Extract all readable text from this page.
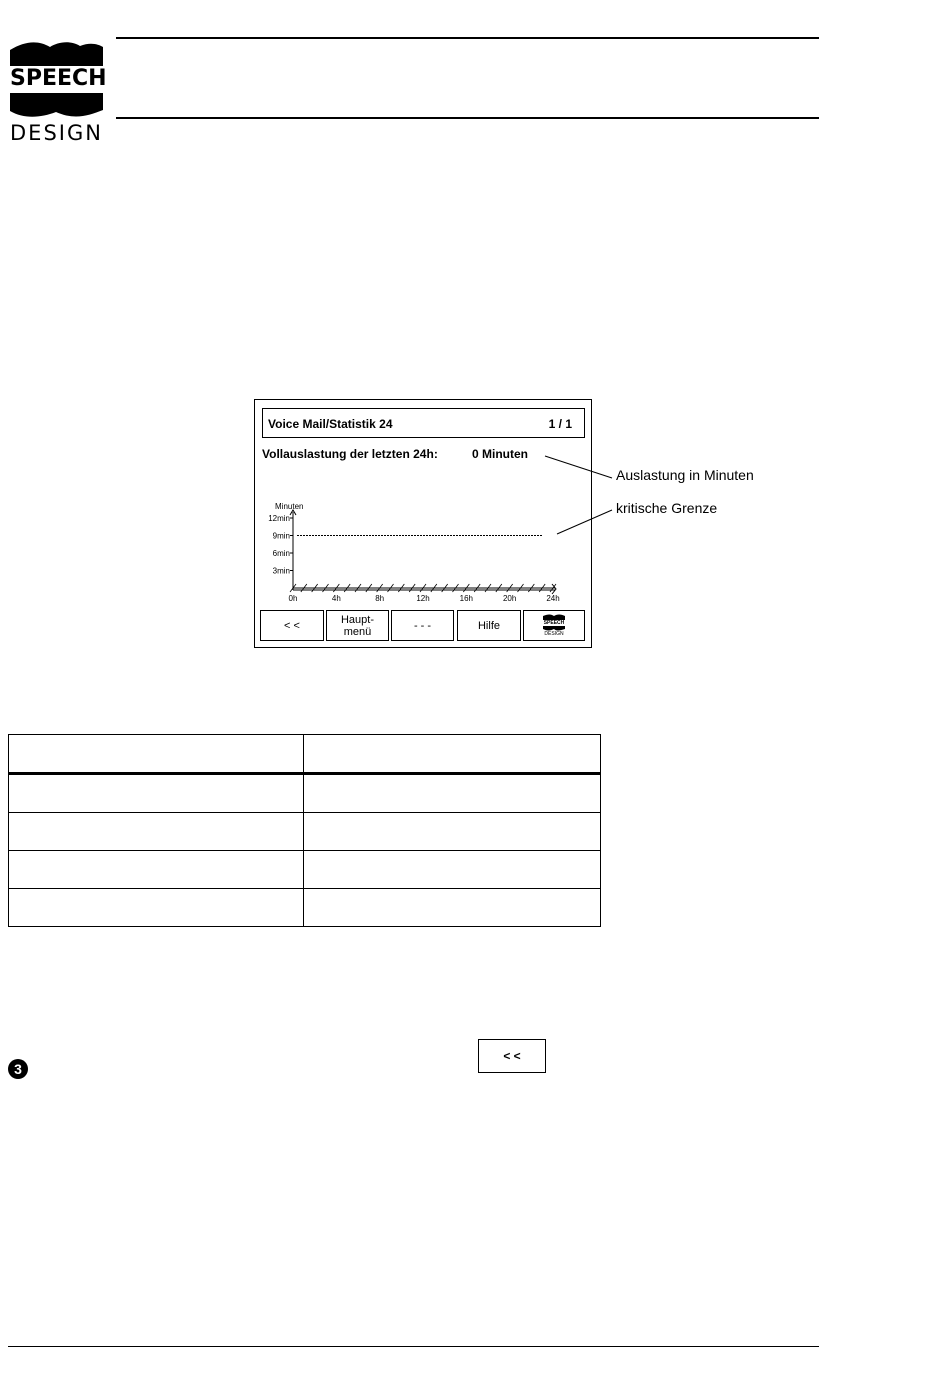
SPEECH
DESIGN
Voice Mail/Statistik 24	1 / 1
Vollauslastung der letzten 24h:	0 Minuten
Minuten
12min
9min
6min
3min
0h	4h	8h	12h	16h	20h	24h
< <	Haupt-
menü	- - -	Hilfe	SPEECH
DESIGN
Auslastung in Minuten
kritische Grenze

3
< <
